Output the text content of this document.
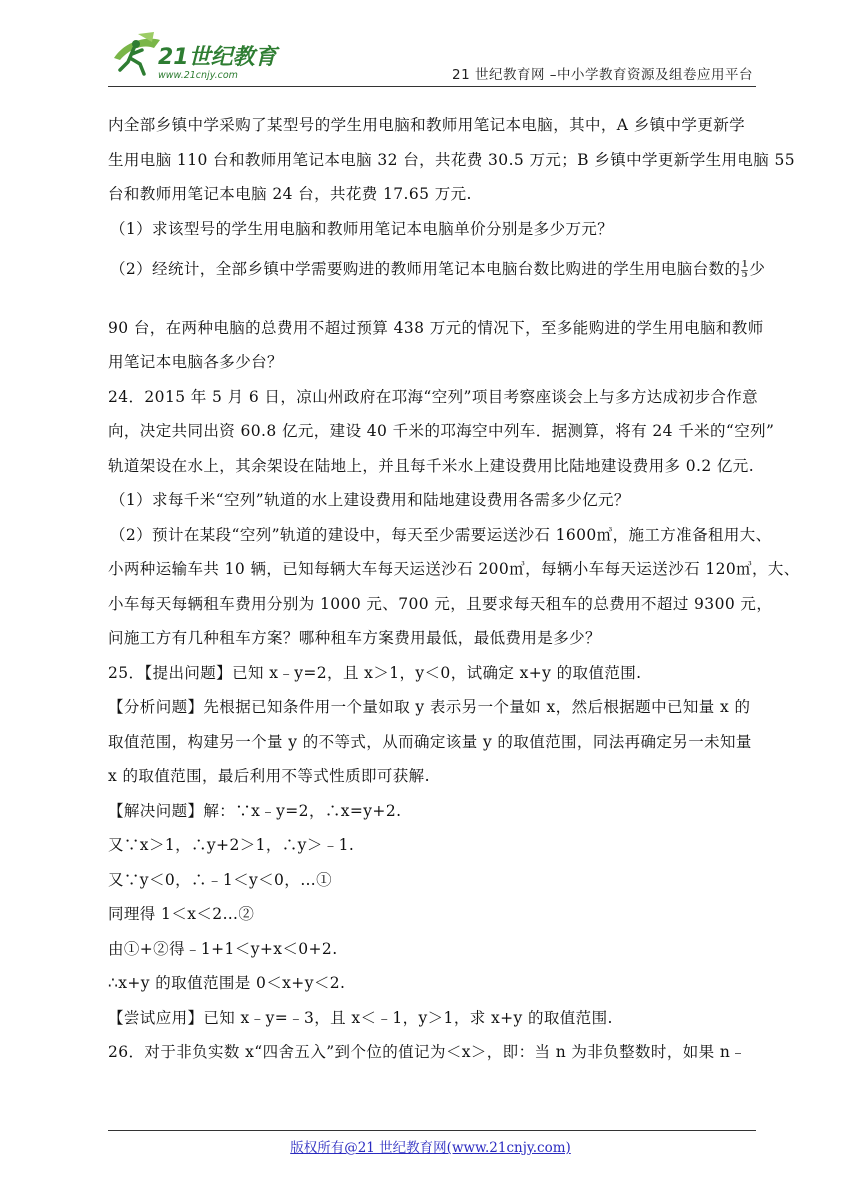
21世纪教育
www.21cnjy.com	21 世纪教育网 –中小学教育资源及组卷应用平台

内全部乡镇中学采购了某型号的学生用电脑和教师用笔记本电脑，其中，A 乡镇中学更新学

生用电脑 110 台和教师用笔记本电脑 32 台，共花费 30.5 万元；B 乡镇中学更新学生用电脑 55

台和教师用笔记本电脑 24 台，共花费 17.65 万元.

（1）求该型号的学生用电脑和教师用笔记本电脑单价分别是多少万元？

（2）经统计，全部乡镇中学需要购进的教师用笔记本电脑台数比购进的学生用电脑台数的 $\frac{1}{5}$ 少

90 台，在两种电脑的总费用不超过预算 438 万元的情况下，至多能购进的学生用电脑和教师

用笔记本电脑各多少台？

24．2015 年 5 月 6 日，凉山州政府在邛海“空列”项目考察座谈会上与多方达成初步合作意

向，决定共同出资 60.8 亿元，建设 40 千米的邛海空中列车．据测算，将有 24 千米的“空列”

轨道架设在水上，其余架设在陆地上，并且每千米水上建设费用比陆地建设费用多 0.2 亿元.

（1）求每千米“空列”轨道的水上建设费用和陆地建设费用各需多少亿元？

（2）预计在某段“空列”轨道的建设中，每天至少需要运送沙石 1600㎥，施工方准备租用大、

小两种运输车共 10 辆，已知每辆大车每天运送沙石 200㎥，每辆小车每天运送沙石 120㎥，大、

小车每天每辆租车费用分别为 1000 元、700 元，且要求每天租车的总费用不超过 9300 元，

问施工方有几种租车方案？哪种租车方案费用最低，最低费用是多少？

25．【提出问题】已知 x﹣y=2，且 x＞1，y＜0，试确定 x+y 的取值范围.

【分析问题】先根据已知条件用一个量如取 y 表示另一个量如 x，然后根据题中已知量 x 的

取值范围，构建另一个量 y 的不等式，从而确定该量 y 的取值范围，同法再确定另一未知量

x 的取值范围，最后利用不等式性质即可获解.

【解决问题】解：∵x﹣y=2，∴x=y+2.

又∵x＞1，∴y+2＞1，∴y＞﹣1.

又∵y＜0，∴﹣1＜y＜0，…①

同理得 1＜x＜2…②

由①+②得﹣1+1＜y+x＜0+2.

∴x+y 的取值范围是 0＜x+y＜2.

【尝试应用】已知 x﹣y=﹣3，且 x＜﹣1，y＞1，求 x+y 的取值范围.

26．对于非负实数 x“四舍五入”到个位的值记为＜x＞，即：当 n 为非负整数时，如果 n﹣

版权所有@21 世纪教育网(www.21cnjy.com)
